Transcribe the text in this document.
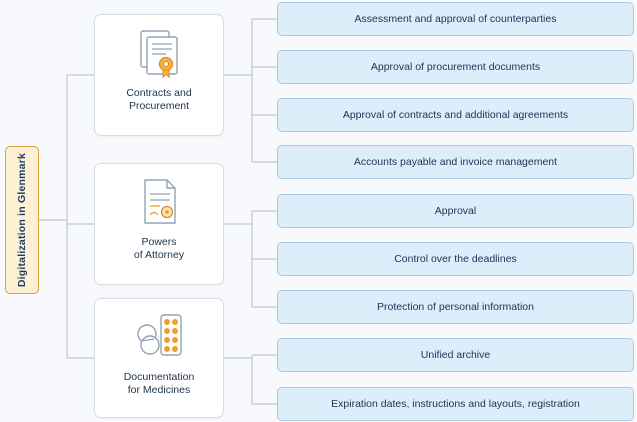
Digitalization in Glenmark
Contracts and
Procurement
Powers
of Attorney
Documentation
for Medicines
Assessment and approval of counterparties
Approval of procurement documents
Approval of contracts and additional agreements
Accounts payable and invoice management
Approval
Control over the deadlines
Protection of personal information
Unified archive
Expiration dates, instructions and layouts, registration
